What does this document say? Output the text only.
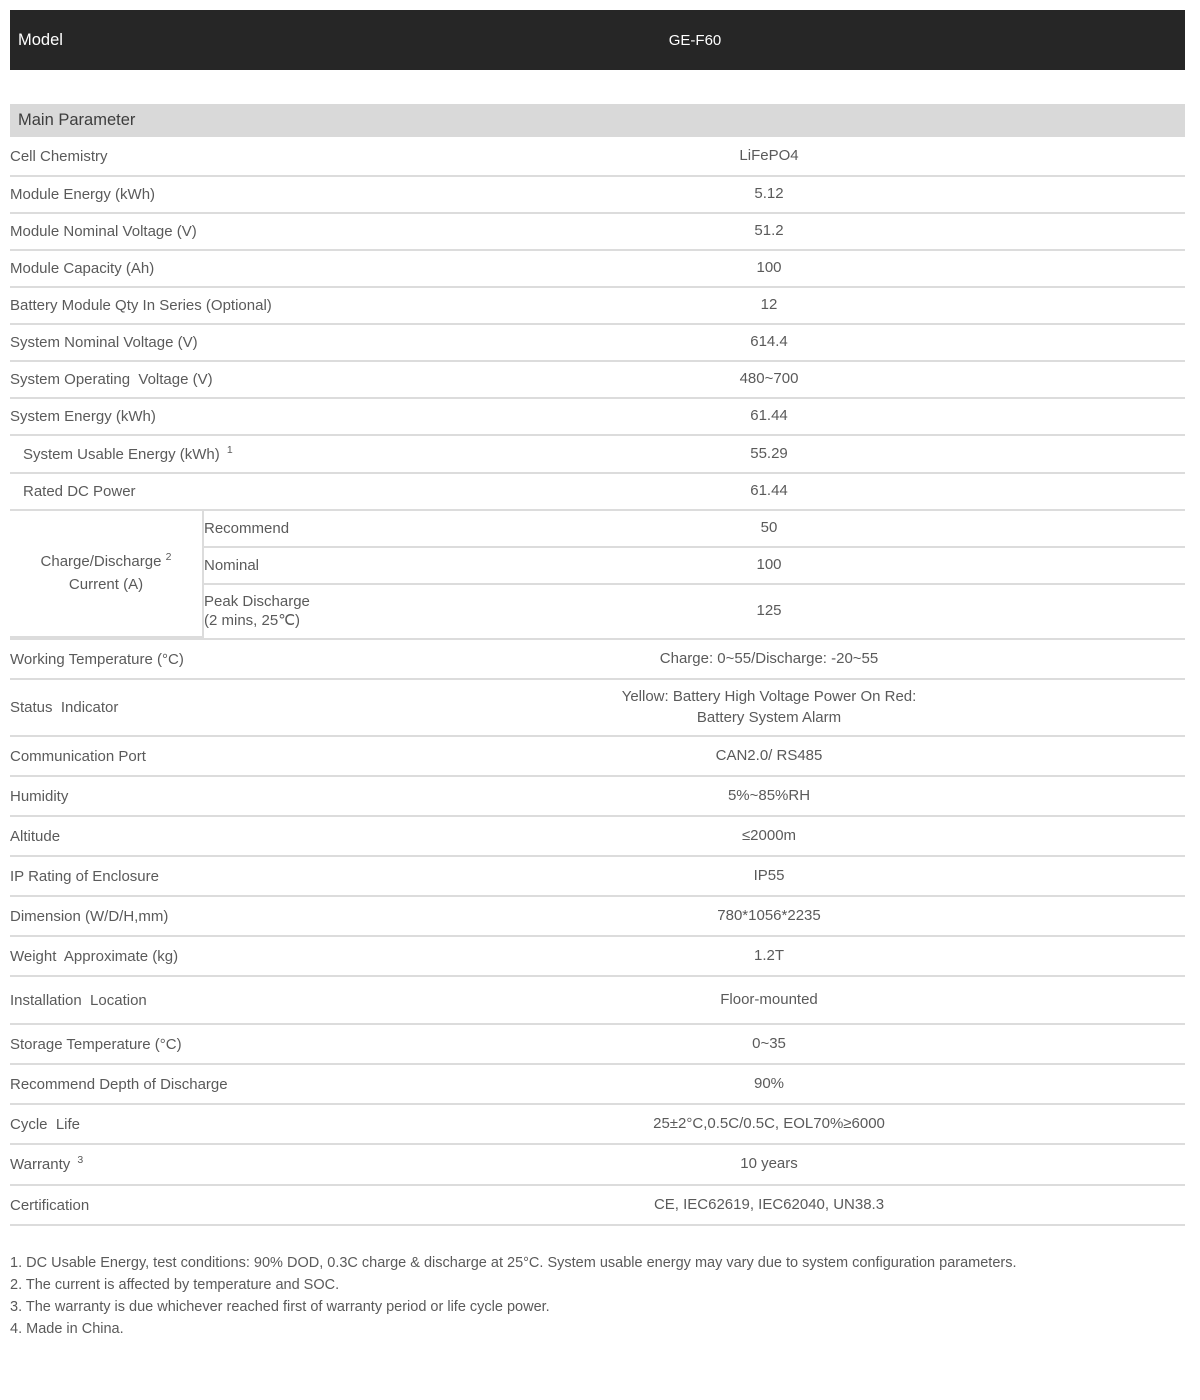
Model	GE-F60
Main Parameter
Cell Chemistry		LiFePO4
Module Energy (kWh)		5.12
Module Nominal Voltage (V)		51.2
Module Capacity (Ah)		100
Battery Module Qty In Series (Optional)		12
System Nominal Voltage (V)		614.4
System Operating  Voltage (V)		480~700
System Energy (kWh)		61.44
System Usable Energy (kWh)  $^1$		55.29
Rated DC Power		61.44
Charge/Discharge $^2$
Current (A)	Recommend	50
	Nominal	100
	Peak Discharge
(2 mins, 25℃)	125

Working Temperature (°C)		Charge: 0~55/Discharge: -20~55
Status  Indicator		Yellow: Battery High Voltage Power On Red:
Battery System Alarm
Communication Port		CAN2.0/ RS485
Humidity		5%~85%RH
Altitude		≤2000m
IP Rating of Enclosure		IP55
Dimension (W/D/H,mm)		780*1056*2235
Weight  Approximate (kg)		1.2T
Installation  Location		Floor-mounted
Storage Temperature (°C)		0~35
Recommend Depth of Discharge		90%
Cycle  Life		25±2°C,0.5C/0.5C, EOL70%≥6000
Warranty  $^3$		10 years
Certification		CE, IEC62619, IEC62040, UN38.3
1. DC Usable Energy, test conditions: 90% DOD, 0.3C charge & discharge at 25°C. System usable energy may vary due to system configuration parameters.
2. The current is affected by temperature and SOC.
3. The warranty is due whichever reached first of warranty period or life cycle power.
4. Made in China.
